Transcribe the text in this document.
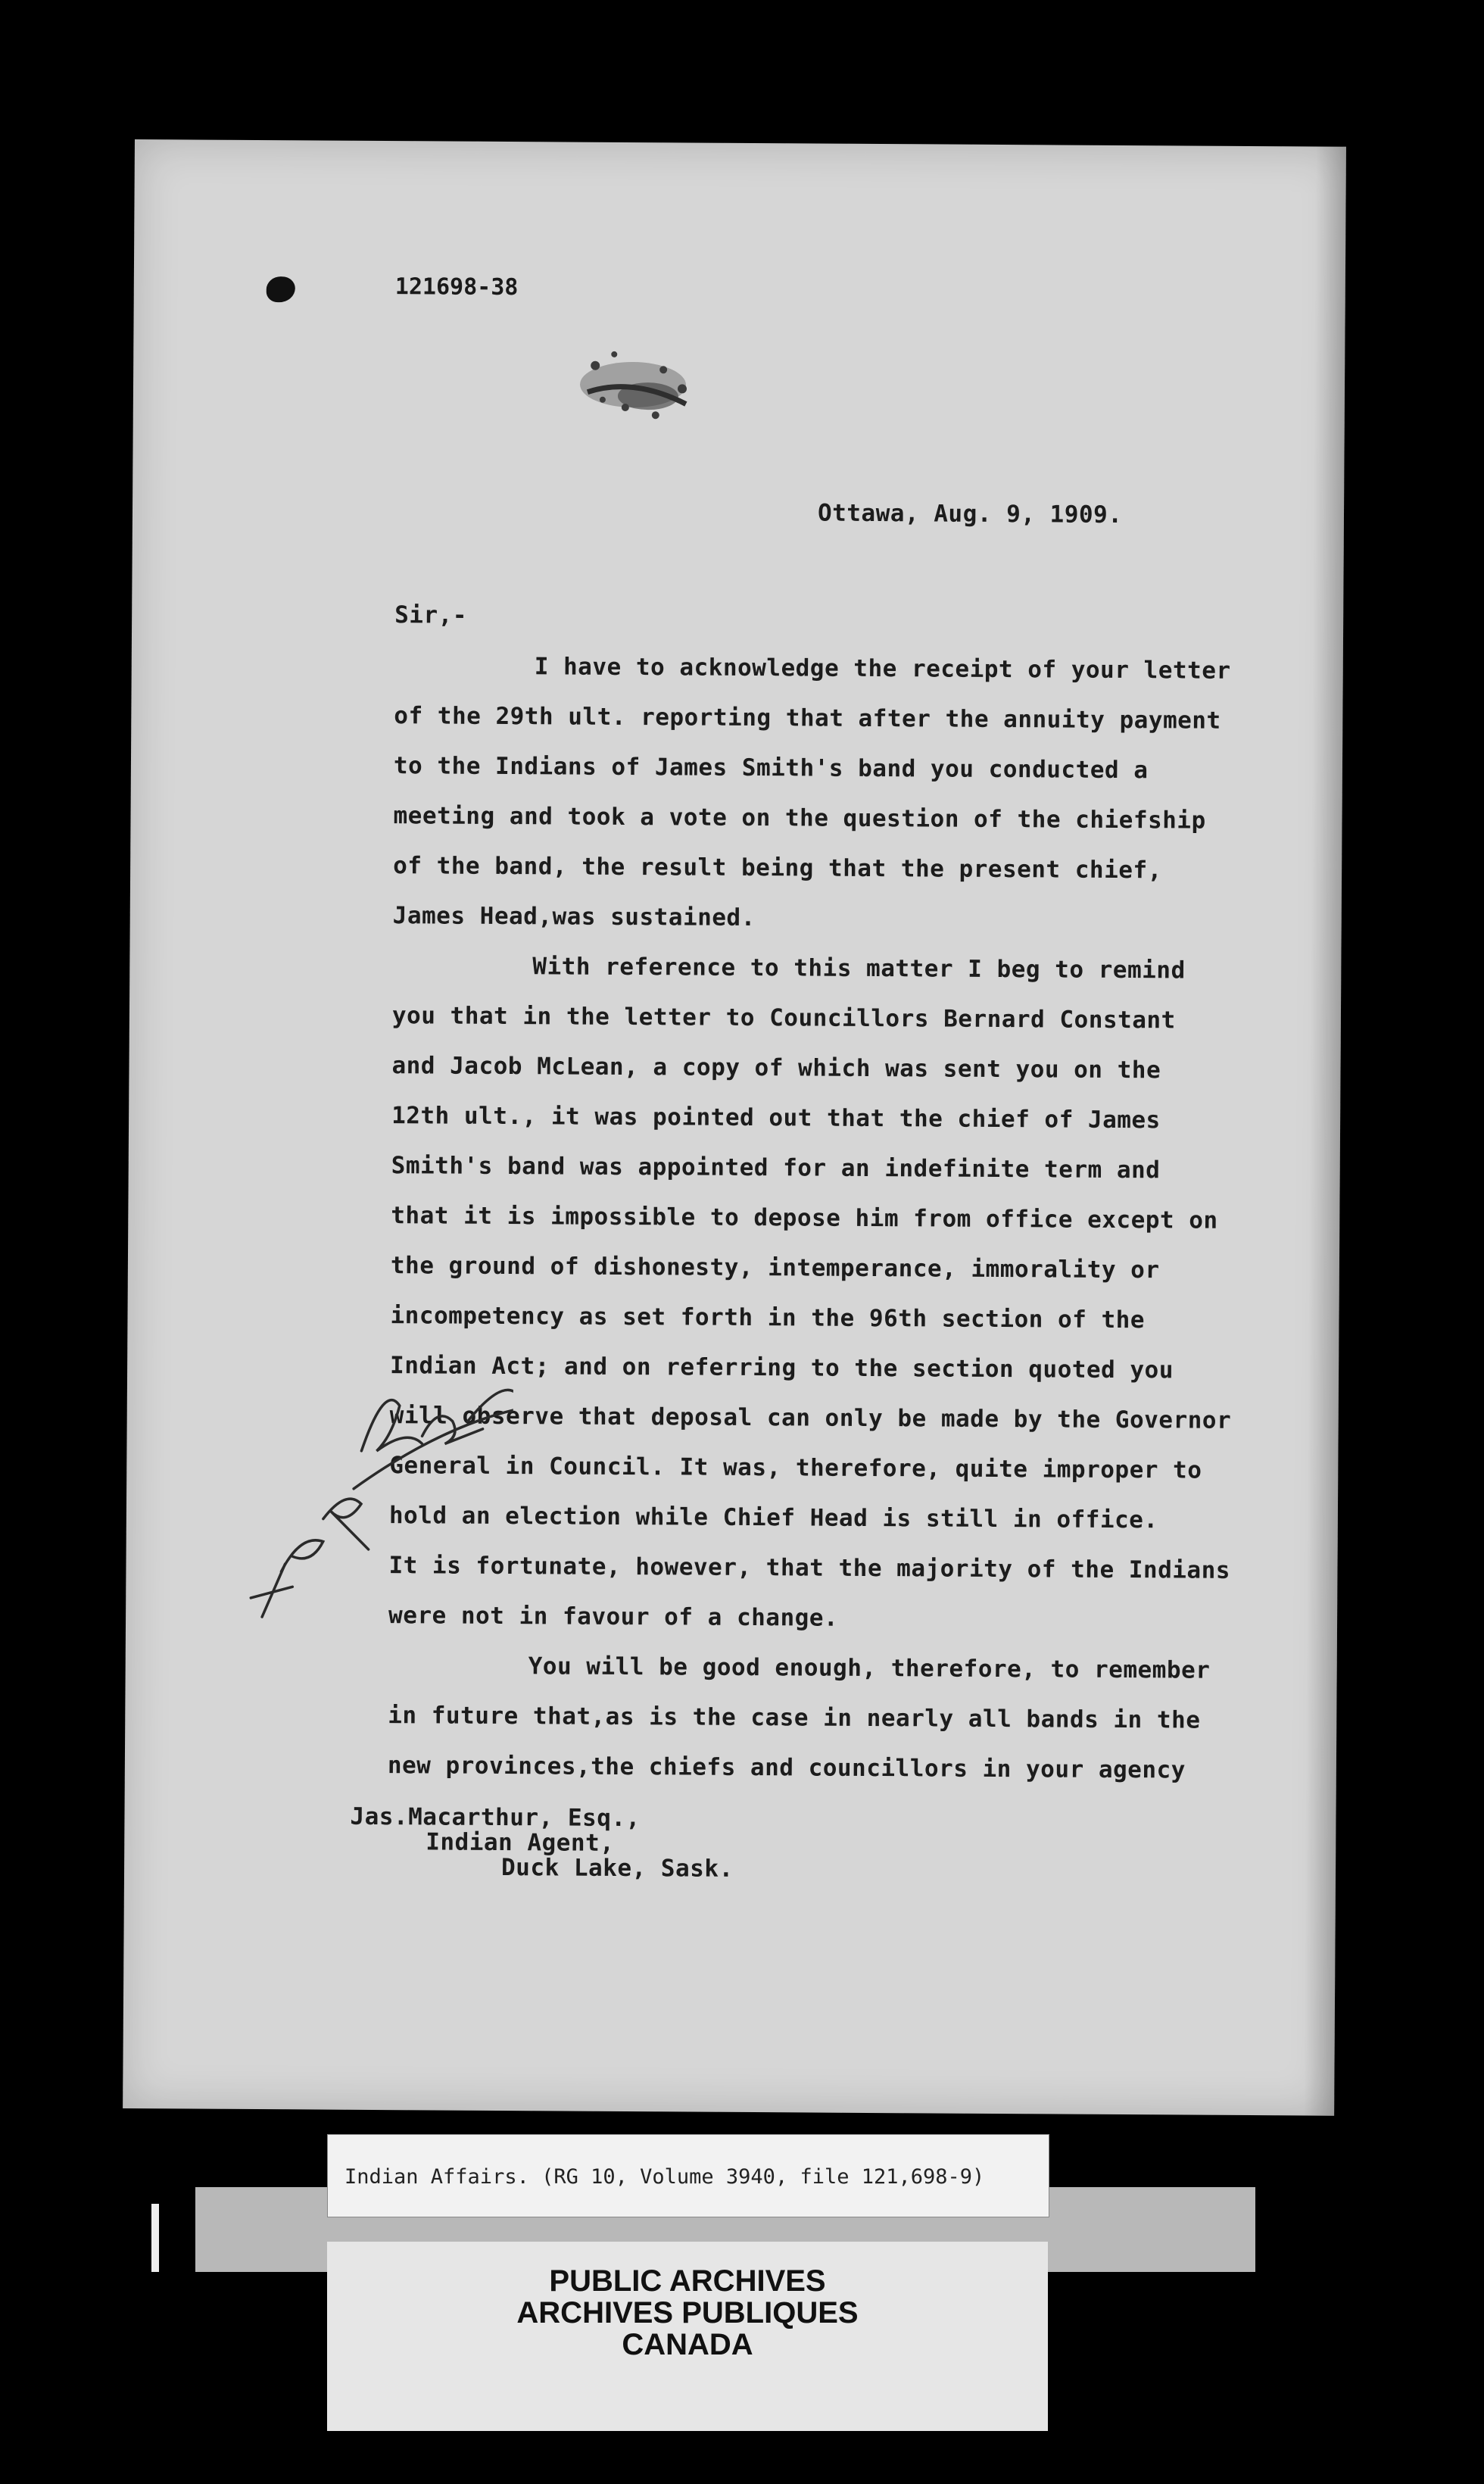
121698-38
Ottawa, Aug. 9, 1909.
Sir,-
I have to acknowledge the receipt of your letter
of the 29th ult. reporting that after the annuity payment
to the Indians of James Smith's band you conducted a
meeting and took a vote on the question of the chiefship
of the band, the result being that the present chief,
James Head,was sustained.
With reference to this matter I beg to remind
you that in the letter to Councillors Bernard Constant
and Jacob McLean, a copy of which was sent you on the
12th ult., it was pointed out that the chief of James
Smith's band was appointed for an indefinite term and
that it is impossible to depose him from office except on
the ground of dishonesty, intemperance, immorality or
incompetency as set forth in the 96th section of the
Indian Act; and on referring to the section quoted you
will observe that deposal can only be made by the Governor
General in Council. It was, therefore, quite improper to
hold an election while Chief Head is still in office.
It is fortunate, however, that the majority of the Indians
were not in favour of a change.
You will be good enough, therefore, to remember
in future that,as is the case in nearly all bands in the
new provinces,the chiefs and councillors in your agency
Jas.Macarthur, Esq.,
Indian Agent,
Duck Lake, Sask.
Indian Affairs. (RG 10, Volume 3940, file 121,698-9)
PUBLIC ARCHIVES
ARCHIVES PUBLIQUES
CANADA
